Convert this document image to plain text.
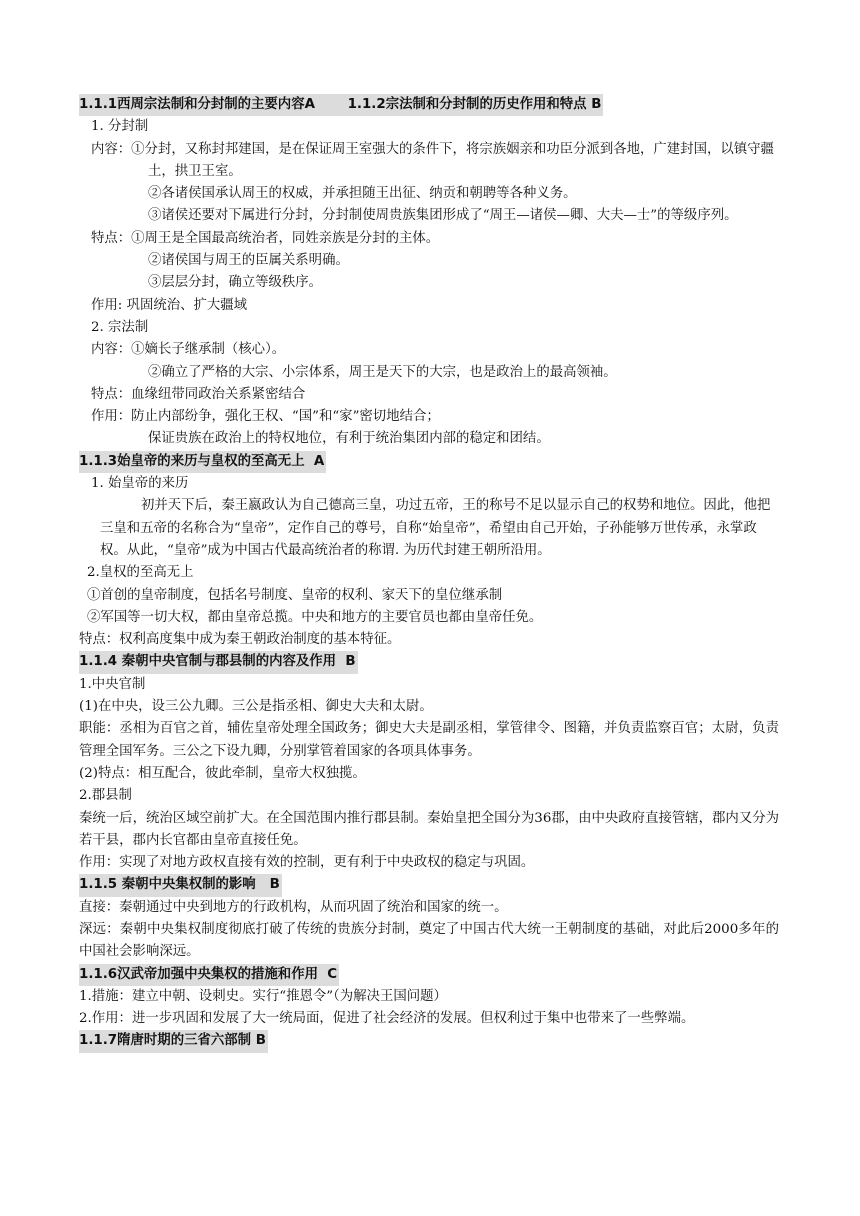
1.1.1西周宗法制和分封制的主要内容A       1.1.2宗法制和分封制的历史作用和特点 B
1. 分封制
内容：①分封，又称封邦建国，是在保证周王室强大的条件下，将宗族姻亲和功臣分派到各地，广建封国，以镇守疆土，拱卫王室。
②各诸侯国承认周王的权威，并承担随王出征、纳贡和朝聘等各种义务。
③诸侯还要对下属进行分封，分封制使周贵族集团形成了“周王—诸侯—卿、大夫—士”的等级序列。
特点：①周王是全国最高统治者，同姓亲族是分封的主体。
②诸侯国与周王的臣属关系明确。
③层层分封，确立等级秩序。
作用: 巩固统治、扩大疆域
2. 宗法制
内容：①嫡长子继承制（核心）。
②确立了严格的大宗、小宗体系，周王是天下的大宗，也是政治上的最高领袖。
特点：血缘纽带同政治关系紧密结合
作用：防止内部纷争，强化王权、“国”和“家”密切地结合；
保证贵族在政治上的特权地位，有利于统治集团内部的稳定和团结。
1.1.3始皇帝的来历与皇权的至高无上  A
1. 始皇帝的来历
初并天下后，秦王嬴政认为自己德高三皇，功过五帝，王的称号不足以显示自己的权势和地位。因此，他把三皇和五帝的名称合为“皇帝”，定作自己的尊号，自称“始皇帝”，希望由自己开始，子孙能够万世传承，永掌政权。从此，“皇帝”成为中国古代最高统治者的称谓. 为历代封建王朝所沿用。
2.皇权的至高无上
①首创的皇帝制度，包括名号制度、皇帝的权利、家天下的皇位继承制
②军国等一切大权，都由皇帝总揽。中央和地方的主要官员也都由皇帝任免。
特点：权利高度集中成为秦王朝政治制度的基本特征。
1.1.4 秦朝中央官制与郡县制的内容及作用  B
1.中央官制
(1)在中央，设三公九卿。三公是指丞相、御史大夫和太尉。
职能：丞相为百官之首，辅佐皇帝处理全国政务；御史大夫是副丞相，掌管律令、图籍，并负责监察百官；太尉，负责管理全国军务。三公之下设九卿，分别掌管着国家的各项具体事务。
(2)特点：相互配合，彼此牵制，皇帝大权独揽。
2.郡县制
秦统一后，统治区域空前扩大。在全国范围内推行郡县制。秦始皇把全国分为36郡，由中央政府直接管辖，郡内又分为若干县，郡内长官都由皇帝直接任免。
作用：实现了对地方政权直接有效的控制，更有利于中央政权的稳定与巩固。
1.1.5 秦朝中央集权制的影响   B
直接：秦朝通过中央到地方的行政机构，从而巩固了统治和国家的统一。
深远：秦朝中央集权制度彻底打破了传统的贵族分封制，奠定了中国古代大统一王朝制度的基础，对此后2000多年的中国社会影响深远。
1.1.6汉武帝加强中央集权的措施和作用  C
1.措施：建立中朝、设刺史。实行“推恩令”（为解决王国问题）
2.作用：进一步巩固和发展了大一统局面，促进了社会经济的发展。但权利过于集中也带来了一些弊端。
1.1.7隋唐时期的三省六部制 B
